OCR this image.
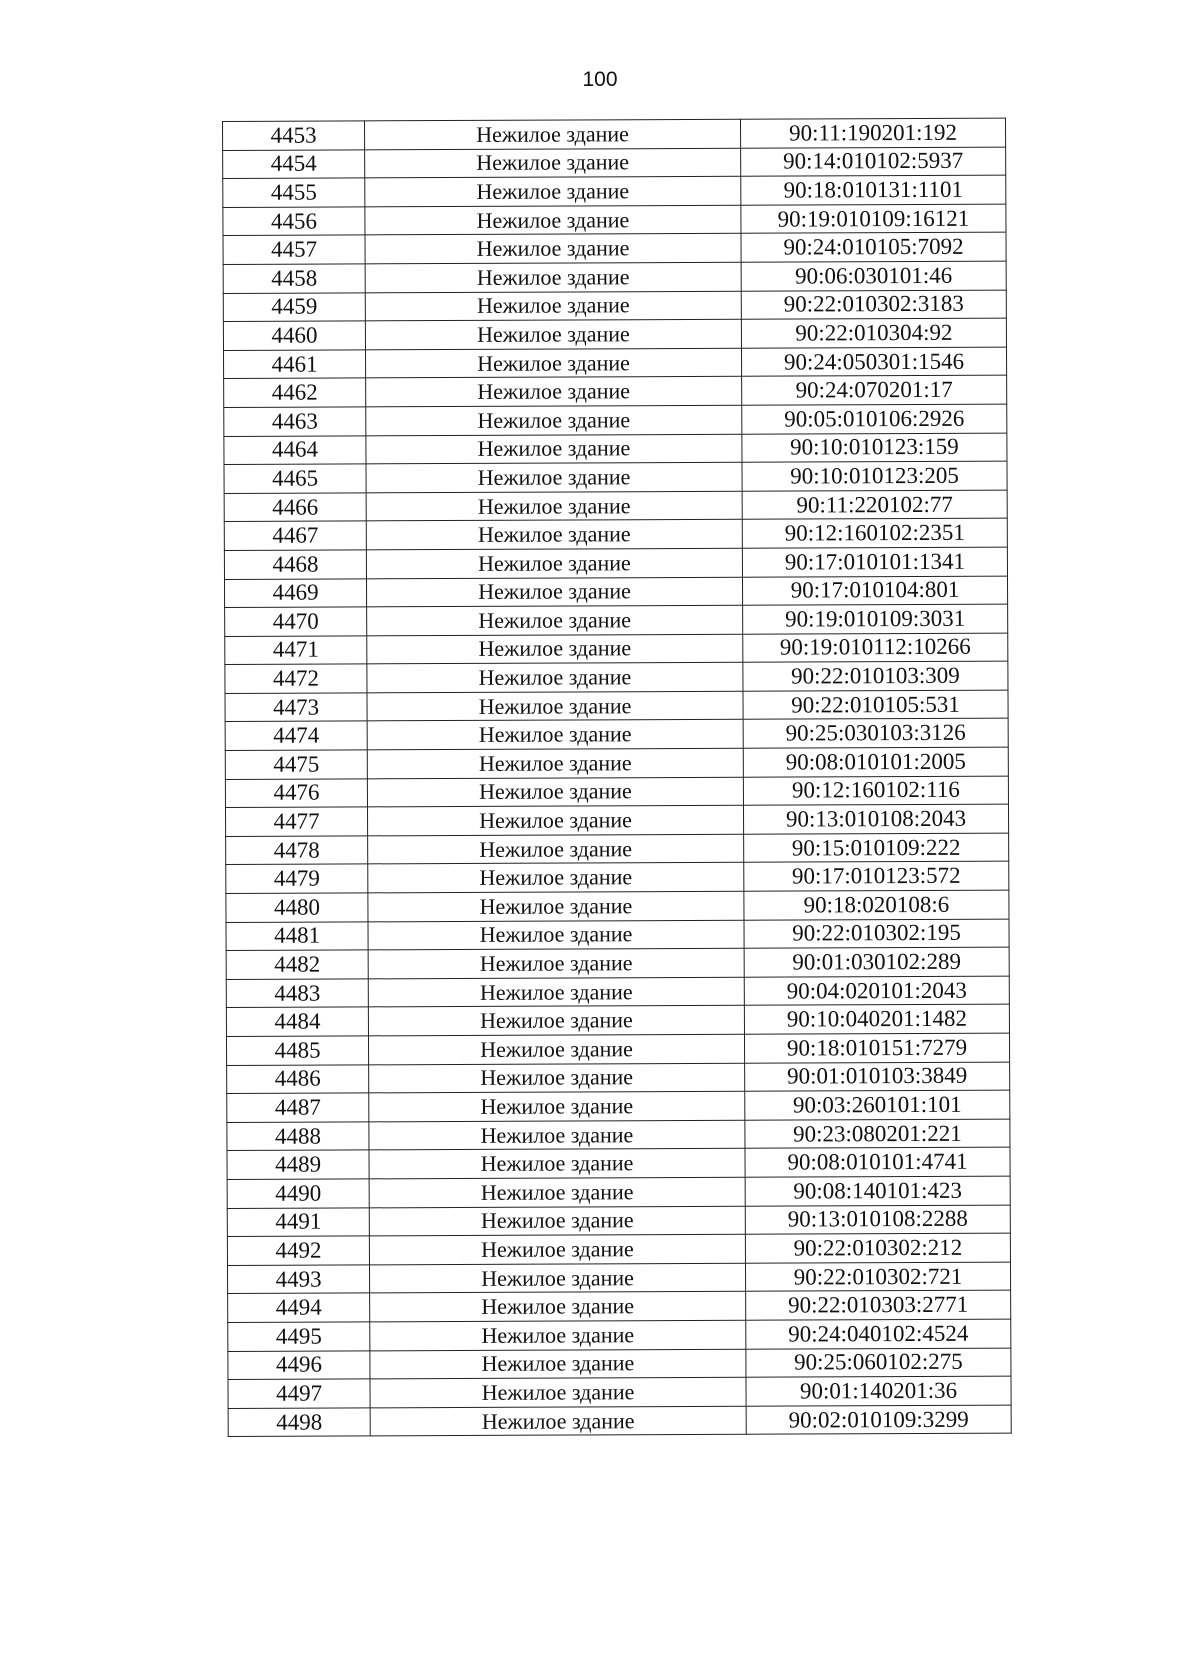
100
4453	Нежилое здание	90:11:190201:192
4454	Нежилое здание	90:14:010102:5937
4455	Нежилое здание	90:18:010131:1101
4456	Нежилое здание	90:19:010109:16121
4457	Нежилое здание	90:24:010105:7092
4458	Нежилое здание	90:06:030101:46
4459	Нежилое здание	90:22:010302:3183
4460	Нежилое здание	90:22:010304:92
4461	Нежилое здание	90:24:050301:1546
4462	Нежилое здание	90:24:070201:17
4463	Нежилое здание	90:05:010106:2926
4464	Нежилое здание	90:10:010123:159
4465	Нежилое здание	90:10:010123:205
4466	Нежилое здание	90:11:220102:77
4467	Нежилое здание	90:12:160102:2351
4468	Нежилое здание	90:17:010101:1341
4469	Нежилое здание	90:17:010104:801
4470	Нежилое здание	90:19:010109:3031
4471	Нежилое здание	90:19:010112:10266
4472	Нежилое здание	90:22:010103:309
4473	Нежилое здание	90:22:010105:531
4474	Нежилое здание	90:25:030103:3126
4475	Нежилое здание	90:08:010101:2005
4476	Нежилое здание	90:12:160102:116
4477	Нежилое здание	90:13:010108:2043
4478	Нежилое здание	90:15:010109:222
4479	Нежилое здание	90:17:010123:572
4480	Нежилое здание	90:18:020108:6
4481	Нежилое здание	90:22:010302:195
4482	Нежилое здание	90:01:030102:289
4483	Нежилое здание	90:04:020101:2043
4484	Нежилое здание	90:10:040201:1482
4485	Нежилое здание	90:18:010151:7279
4486	Нежилое здание	90:01:010103:3849
4487	Нежилое здание	90:03:260101:101
4488	Нежилое здание	90:23:080201:221
4489	Нежилое здание	90:08:010101:4741
4490	Нежилое здание	90:08:140101:423
4491	Нежилое здание	90:13:010108:2288
4492	Нежилое здание	90:22:010302:212
4493	Нежилое здание	90:22:010302:721
4494	Нежилое здание	90:22:010303:2771
4495	Нежилое здание	90:24:040102:4524
4496	Нежилое здание	90:25:060102:275
4497	Нежилое здание	90:01:140201:36
4498	Нежилое здание	90:02:010109:3299
